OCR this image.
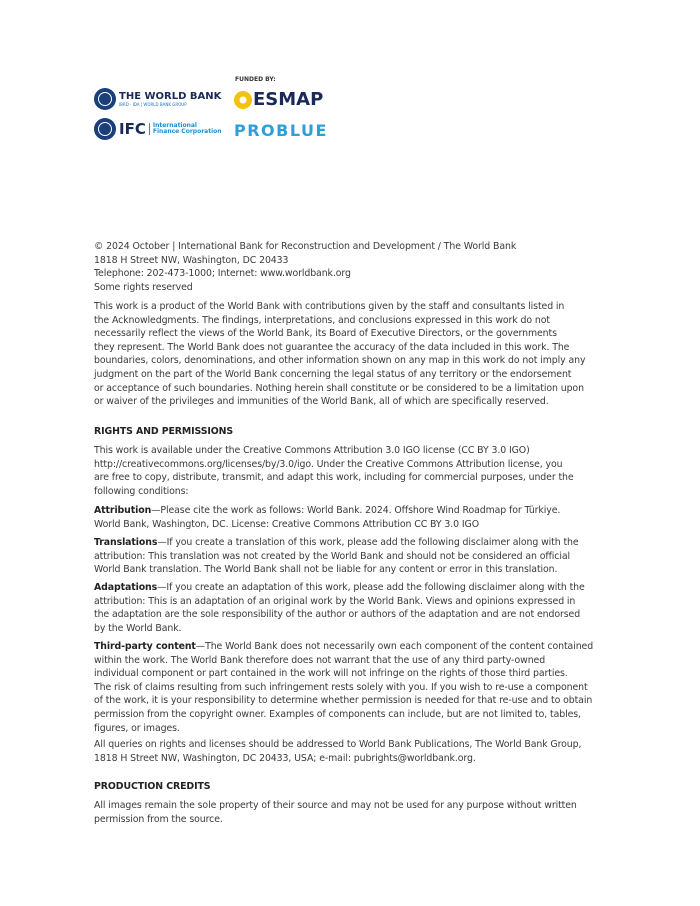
THE WORLD BANK
IBRD · IDA | WORLD BANK GROUP
IFC International
Finance Corporation
FUNDED BY:
ESMAP
PROBLUE
© 2024 October | International Bank for Reconstruction and Development / The World Bank
1818 H Street NW, Washington, DC 20433
Telephone: 202-473-1000; Internet: www.worldbank.org
Some rights reserved
This work is a product of the World Bank with contributions given by the staff and consultants listed in
the Acknowledgments. The findings, interpretations, and conclusions expressed in this work do not
necessarily reflect the views of the World Bank, its Board of Executive Directors, or the governments
they represent. The World Bank does not guarantee the accuracy of the data included in this work. The
boundaries, colors, denominations, and other information shown on any map in this work do not imply any
judgment on the part of the World Bank concerning the legal status of any territory or the endorsement
or acceptance of such boundaries. Nothing herein shall constitute or be considered to be a limitation upon
or waiver of the privileges and immunities of the World Bank, all of which are specifically reserved.
RIGHTS AND PERMISSIONS
This work is available under the Creative Commons Attribution 3.0 IGO license (CC BY 3.0 IGO)
http://creativecommons.org/licenses/by/3.0/igo. Under the Creative Commons Attribution license, you
are free to copy, distribute, transmit, and adapt this work, including for commercial purposes, under the
following conditions:
Attribution—Please cite the work as follows: World Bank. 2024. Offshore Wind Roadmap for Türkiye.
World Bank, Washington, DC. License: Creative Commons Attribution CC BY 3.0 IGO
Translations—If you create a translation of this work, please add the following disclaimer along with the
attribution: This translation was not created by the World Bank and should not be considered an official
World Bank translation. The World Bank shall not be liable for any content or error in this translation.
Adaptations—If you create an adaptation of this work, please add the following disclaimer along with the
attribution: This is an adaptation of an original work by the World Bank. Views and opinions expressed in
the adaptation are the sole responsibility of the author or authors of the adaptation and are not endorsed
by the World Bank.
Third-party content—The World Bank does not necessarily own each component of the content contained
within the work. The World Bank therefore does not warrant that the use of any third party-owned
individual component or part contained in the work will not infringe on the rights of those third parties.
The risk of claims resulting from such infringement rests solely with you. If you wish to re-use a component
of the work, it is your responsibility to determine whether permission is needed for that re-use and to obtain
permission from the copyright owner. Examples of components can include, but are not limited to, tables,
figures, or images.
All queries on rights and licenses should be addressed to World Bank Publications, The World Bank Group,
1818 H Street NW, Washington, DC 20433, USA; e-mail: pubrights@worldbank.org.
PRODUCTION CREDITS
All images remain the sole property of their source and may not be used for any purpose without written
permission from the source.
